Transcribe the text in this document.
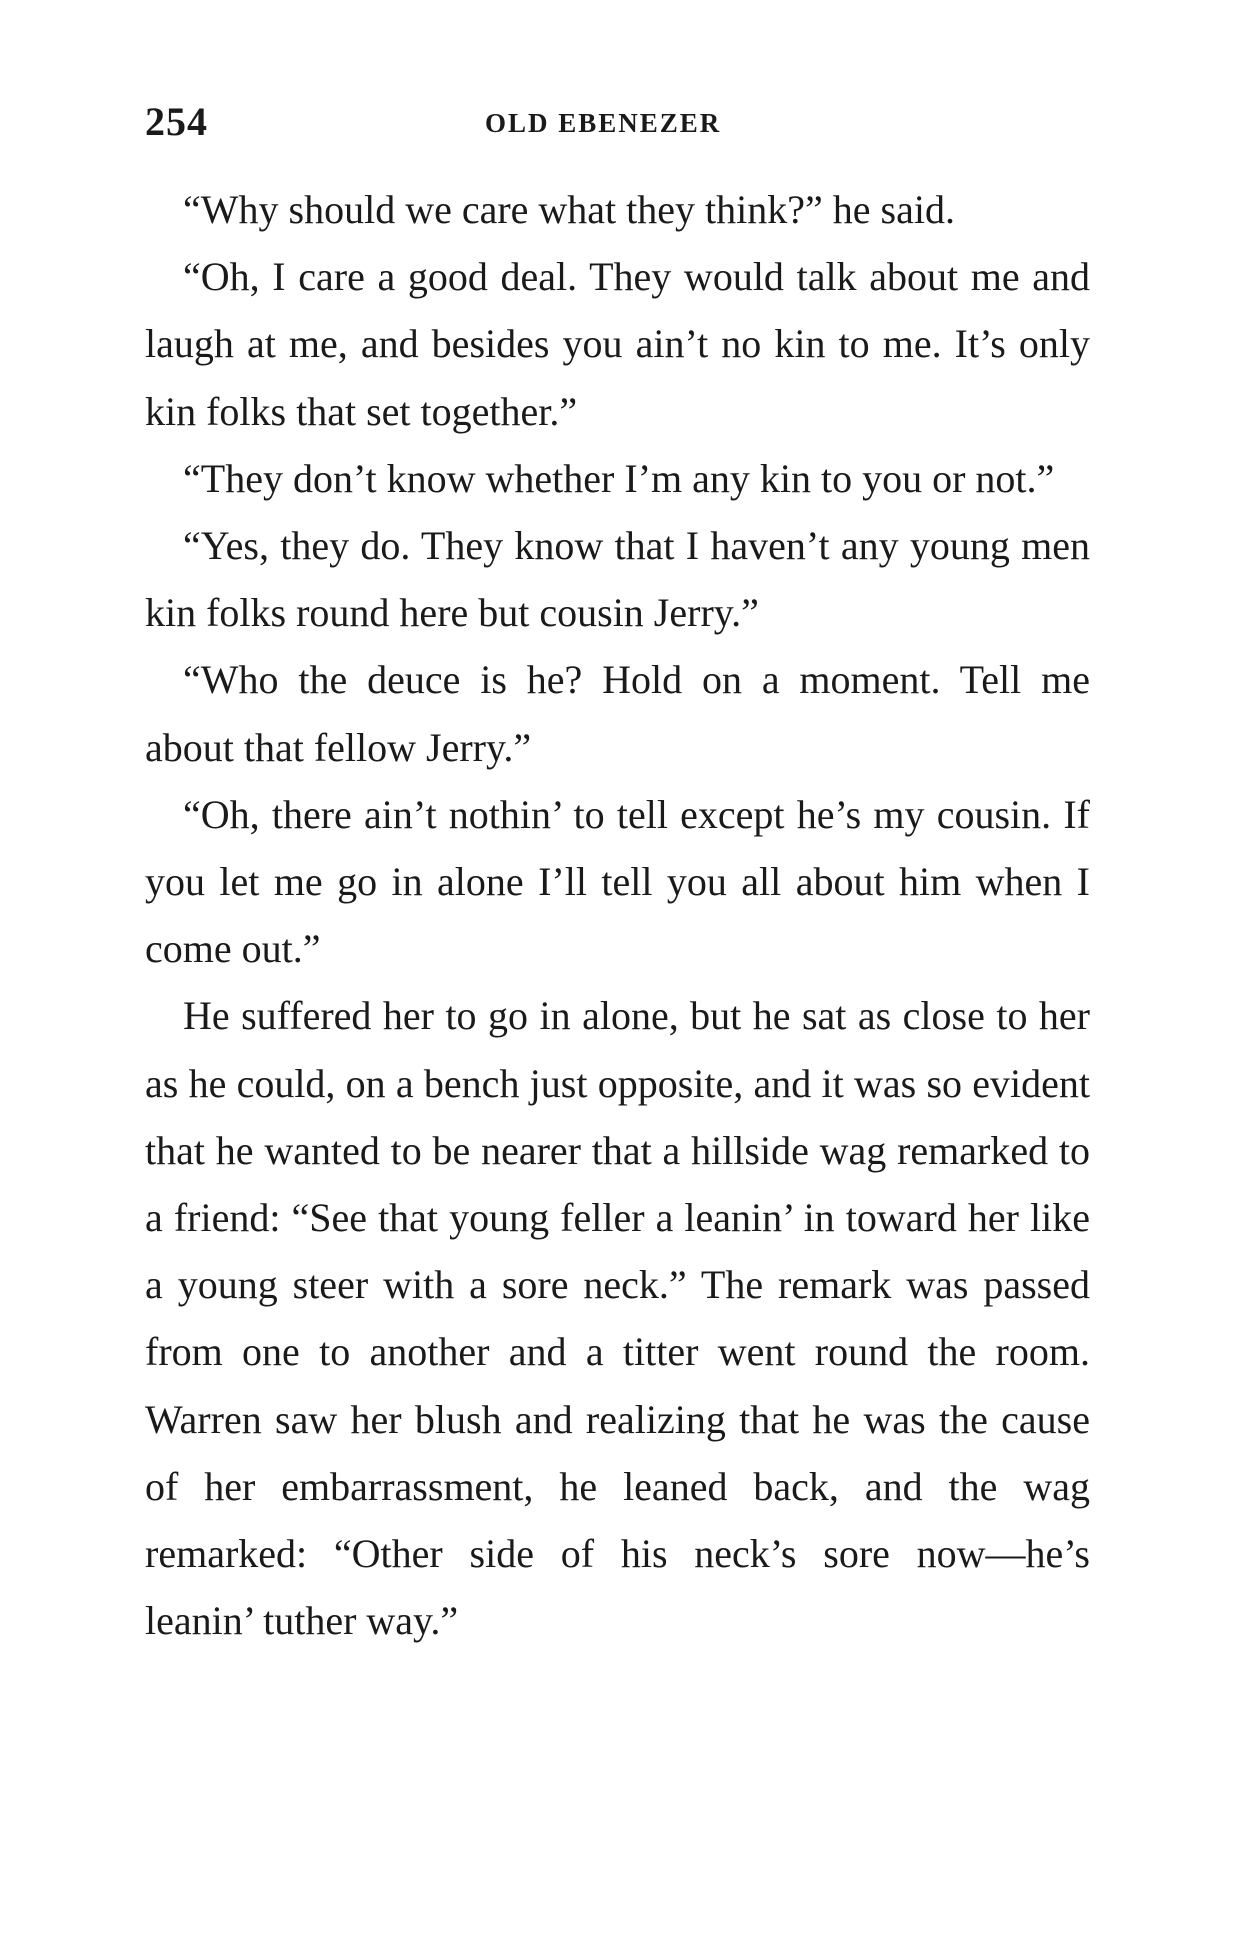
254	OLD EBENEZER

“Why should we care what they think?” he said.

“Oh, I care a good deal. They would talk about me and laugh at me, and besides you ain’t no kin to me. It’s only kin folks that set together.”

“They don’t know whether I’m any kin to you or not.”

“Yes, they do. They know that I haven’t any young men kin folks round here but cousin Jerry.”

“Who the deuce is he? Hold on a moment. Tell me about that fellow Jerry.”

“Oh, there ain’t nothin’ to tell except he’s my cousin. If you let me go in alone I’ll tell you all about him when I come out.”

He suffered her to go in alone, but he sat as close to her as he could, on a bench just opposite, and it was so evident that he wanted to be nearer that a hillside wag remarked to a friend: “See that young feller a leanin’ in toward her like a young steer with a sore neck.” The remark was passed from one to another and a titter went round the room. Warren saw her blush and realizing that he was the cause of her embarrassment, he leaned back, and the wag remarked: “Other side of his neck’s sore now—he’s leanin’ tuther way.”
